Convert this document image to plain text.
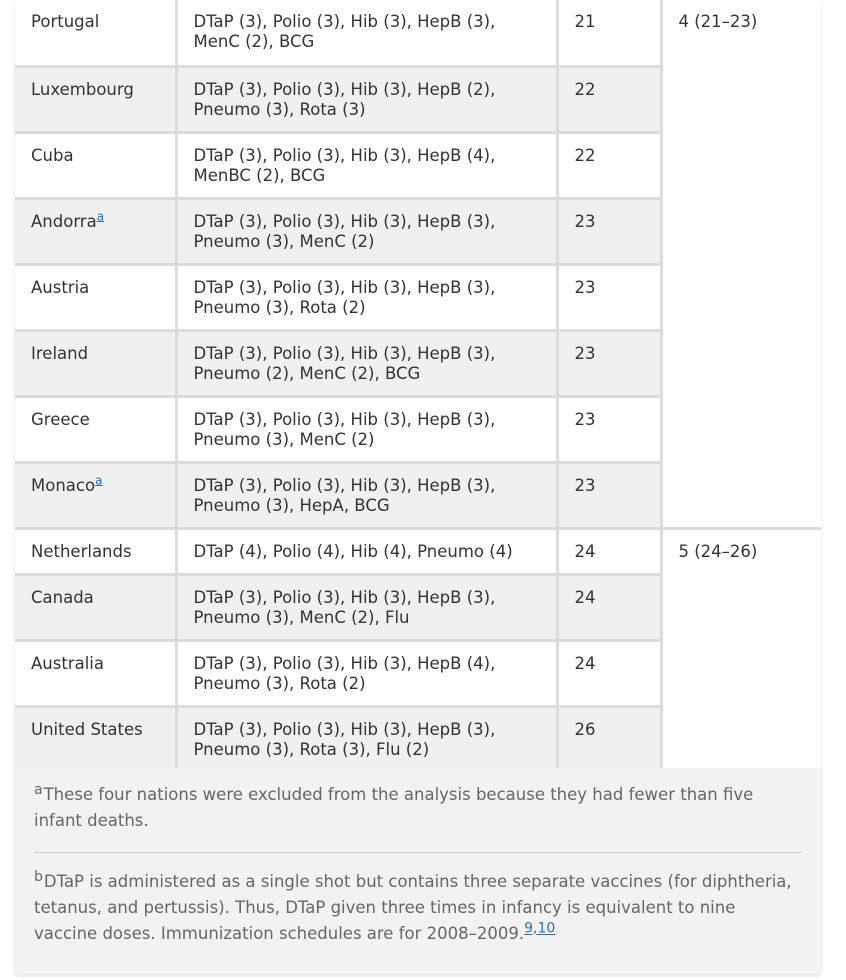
Portugal	DTaP (3), Polio (3), Hib (3), HepB (3), MenC (2), BCG	21	4 (21–23)
Luxembourg	DTaP (3), Polio (3), Hib (3), HepB (2), Pneumo (3), Rota (3)	22	
Cuba	DTaP (3), Polio (3), Hib (3), HepB (4), MenBC (2), BCG	22	
Andorra$^a$	DTaP (3), Polio (3), Hib (3), HepB (3), Pneumo (3), MenC (2)	23	
Austria	DTaP (3), Polio (3), Hib (3), HepB (3), Pneumo (3), Rota (2)	23	
Ireland	DTaP (3), Polio (3), Hib (3), HepB (3), Pneumo (2), MenC (2), BCG	23	
Greece	DTaP (3), Polio (3), Hib (3), HepB (3), Pneumo (3), MenC (2)	23	
Monaco$^a$	DTaP (3), Polio (3), Hib (3), HepB (3), Pneumo (3), HepA, BCG	23	
Netherlands	DTaP (4), Polio (4), Hib (4), Pneumo (4)	24	5 (24–26)
Canada	DTaP (3), Polio (3), Hib (3), HepB (3), Pneumo (3), MenC (2), Flu	24	
Australia	DTaP (3), Polio (3), Hib (3), HepB (4), Pneumo (3), Rota (2)	24	
United States	DTaP (3), Polio (3), Hib (3), HepB (3), Pneumo (3), Rota (3), Flu (2)	26	
$^a$These four nations were excluded from the analysis because they had fewer than five infant deaths.
$^b$DTaP is administered as a single shot but contains three separate vaccines (for diphtheria, tetanus, and pertussis). Thus, DTaP given three times in infancy is equivalent to nine vaccine doses. Immunization schedules are for 2008–2009.$^{9,10}$
